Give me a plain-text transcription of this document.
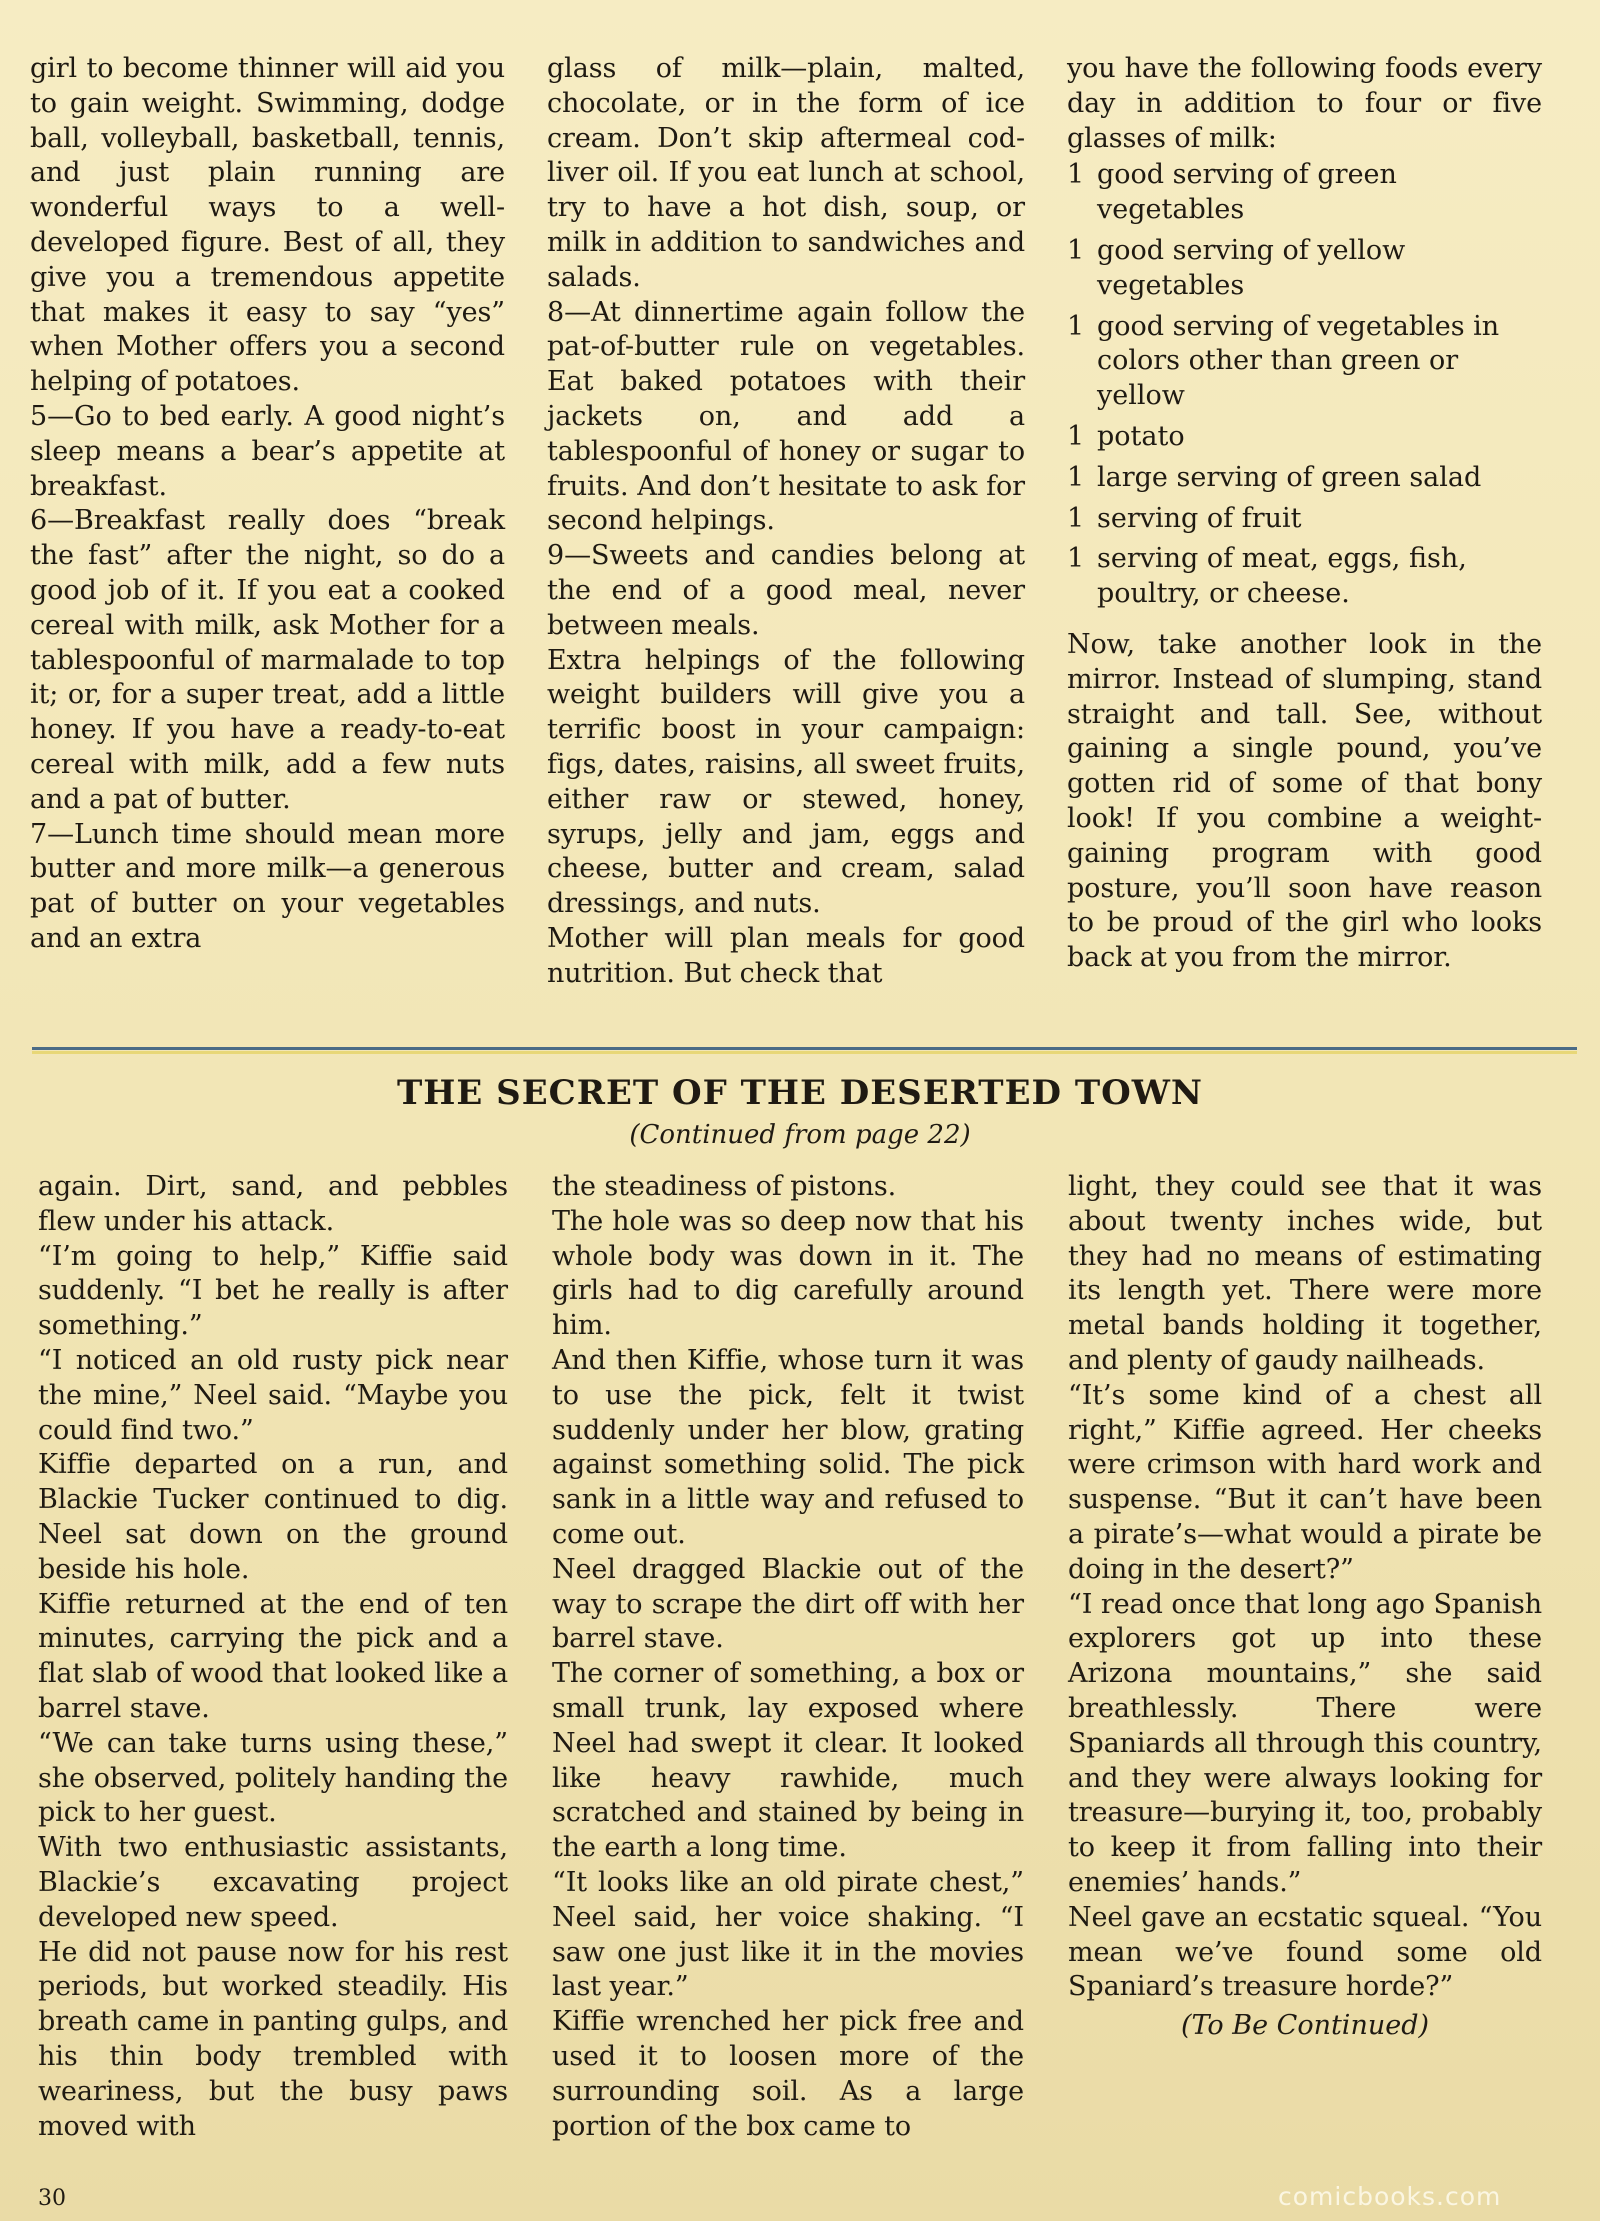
girl to become thinner will aid you to gain weight. Swimming, dodge ball, volleyball, basketball, tennis, and just plain running are wonderful ways to a well-developed figure. Best of all, they give you a tremendous appetite that makes it easy to say “yes” when Mother offers you a second helping of potatoes.

5—Go to bed early. A good night’s sleep means a bear’s appetite at breakfast.

6—Breakfast really does “break the fast” after the night, so do a good job of it. If you eat a cooked cereal with milk, ask Mother for a tablespoonful of marmalade to top it; or, for a super treat, add a little honey. If you have a ready-to-eat cereal with milk, add a few nuts and a pat of butter.

7—Lunch time should mean more butter and more milk—a generous pat of butter on your vegetables and an extra

glass of milk—plain, malted, chocolate, or in the form of ice cream. Don’t skip aftermeal cod-liver oil. If you eat lunch at school, try to have a hot dish, soup, or milk in addition to sandwiches and salads.

8—At dinnertime again follow the pat-of-butter rule on vegetables. Eat baked potatoes with their jackets on, and add a tablespoonful of honey or sugar to fruits. And don’t hesitate to ask for second helpings.

9—Sweets and candies belong at the end of a good meal, never between meals.

Extra helpings of the following weight builders will give you a terrific boost in your campaign: figs, dates, raisins, all sweet fruits, either raw or stewed, honey, syrups, jelly and jam, eggs and cheese, butter and cream, salad dressings, and nuts.

Mother will plan meals for good nutrition. But check that

you have the following foods every day in addition to four or five glasses of milk:

1 good serving of green vegetables
1 good serving of yellow vegetables
1 good serving of vegetables in colors other than green or yellow
1 potato
1 large serving of green salad
1 serving of fruit
1 serving of meat, eggs, fish, poultry, or cheese.

Now, take another look in the mirror. Instead of slumping, stand straight and tall. See, without gaining a single pound, you’ve gotten rid of some of that bony look! If you combine a weight-gaining program with good posture, you’ll soon have reason to be proud of the girl who looks back at you from the mirror.

THE SECRET OF THE DESERTED TOWN

(Continued from page 22)

again. Dirt, sand, and pebbles flew under his attack.

“I’m going to help,” Kiffie said suddenly. “I bet he really is after something.”

“I noticed an old rusty pick near the mine,” Neel said. “Maybe you could find two.”

Kiffie departed on a run, and Blackie Tucker continued to dig. Neel sat down on the ground beside his hole.

Kiffie returned at the end of ten minutes, carrying the pick and a flat slab of wood that looked like a barrel stave.

“We can take turns using these,” she observed, politely handing the pick to her guest.

With two enthusiastic assistants, Blackie’s excavating project developed new speed.

He did not pause now for his rest periods, but worked steadily. His breath came in panting gulps, and his thin body trembled with weariness, but the busy paws moved with

the steadiness of pistons.

The hole was so deep now that his whole body was down in it. The girls had to dig carefully around him.

And then Kiffie, whose turn it was to use the pick, felt it twist suddenly under her blow, grating against something solid. The pick sank in a little way and refused to come out.

Neel dragged Blackie out of the way to scrape the dirt off with her barrel stave.

The corner of something, a box or small trunk, lay exposed where Neel had swept it clear. It looked like heavy rawhide, much scratched and stained by being in the earth a long time.

“It looks like an old pirate chest,” Neel said, her voice shaking. “I saw one just like it in the movies last year.”

Kiffie wrenched her pick free and used it to loosen more of the surrounding soil. As a large portion of the box came to

light, they could see that it was about twenty inches wide, but they had no means of estimating its length yet. There were more metal bands holding it together, and plenty of gaudy nailheads.

“It’s some kind of a chest all right,” Kiffie agreed. Her cheeks were crimson with hard work and suspense. “But it can’t have been a pirate’s—what would a pirate be doing in the desert?”

“I read once that long ago Spanish explorers got up into these Arizona mountains,” she said breathlessly. There were Spaniards all through this country, and they were always looking for treasure—burying it, too, probably to keep it from falling into their enemies’ hands.”

Neel gave an ecstatic squeal. “You mean we’ve found some old Spaniard’s treasure horde?”

(To Be Continued)

30	comicbooks.com
